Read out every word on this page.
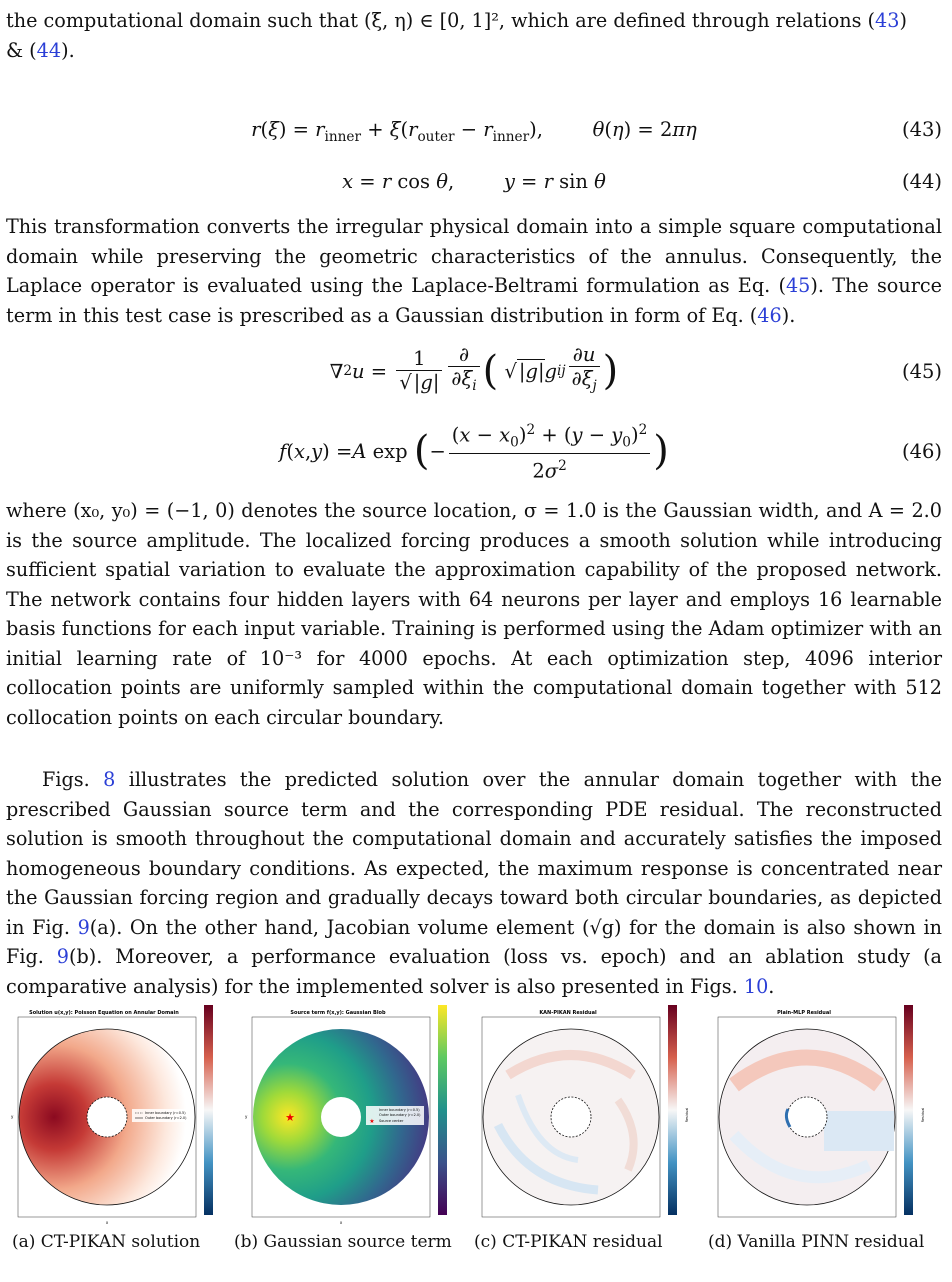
the computational domain such that (ξ, η) ∈ [0, 1]², which are defined through relations (43)
& (44).

$r(\xi) = r_{inner} + \xi(r_{outer} - r_{inner})$,        θ(η) = 2πη	(43)
x = r cos θ,        y = r sin θ	(44)

This transformation converts the irregular physical domain into a simple square computational domain while preserving the geometric characteristics of the annulus. Consequently, the Laplace operator is evaluated using the Laplace-Beltrami formulation as Eq. (45). The source term in this test case is prescribed as a Gaussian distribution in form of Eq. (46).

∇ 2 $u = \frac{1}{√ |g|} \frac{\partial}{\partial\xi_i}$ ( √ |g| g ij $\frac{\partial u}{\partial\xi_j}$ )	(45)
f ( x , y ) = A exp ( − $\frac{(x - x_0)^2 + (y - y_0)^2}{2\sigma^2}$ )	(46)

where (x₀, y₀) = (−1, 0) denotes the source location, σ = 1.0 is the Gaussian width, and A = 2.0 is the source amplitude. The localized forcing produces a smooth solution while introducing sufficient spatial variation to evaluate the approximation capability of the proposed network. The network contains four hidden layers with 64 neurons per layer and employs 16 learnable basis functions for each input variable. Training is performed using the Adam optimizer with an initial learning rate of 10⁻³ for 4000 epochs. At each optimization step, 4096 interior collocation points are uniformly sampled within the computational domain together with 512 collocation points on each circular boundary.

Figs. 8 illustrates the predicted solution over the annular domain together with the prescribed Gaussian source term and the corresponding PDE residual. The reconstructed solution is smooth throughout the computational domain and accurately satisfies the imposed homogeneous boundary conditions. As expected, the maximum response is concentrated near the Gaussian forcing region and gradually decays toward both circular boundaries, as depicted in Fig. 9(a). On the other hand, Jacobian volume element (√g) for the domain is also shown in Fig. 9(b). Moreover, a performance evaluation (loss vs. epoch) and an ablation study (a comparative analysis) for the implemented solver is also presented in Figs. 10.

Solution u(x,y): Poisson Equation on Annular Domain
Inner boundary (r=0.5)
Outer boundary (r=2.0)
x
y
Source term f(x,y): Gaussian Blob
★
Inner boundary (r=0.5)
Outer boundary (r=2.0)
Source center
★
x
y
KAN-PIKAN Residual
Residual
Plain-MLP Residual
Residual
(a) CT-PIKAN solution (b) Gaussian source term (c) CT-PIKAN residual	(d) Vanilla PINN residual
